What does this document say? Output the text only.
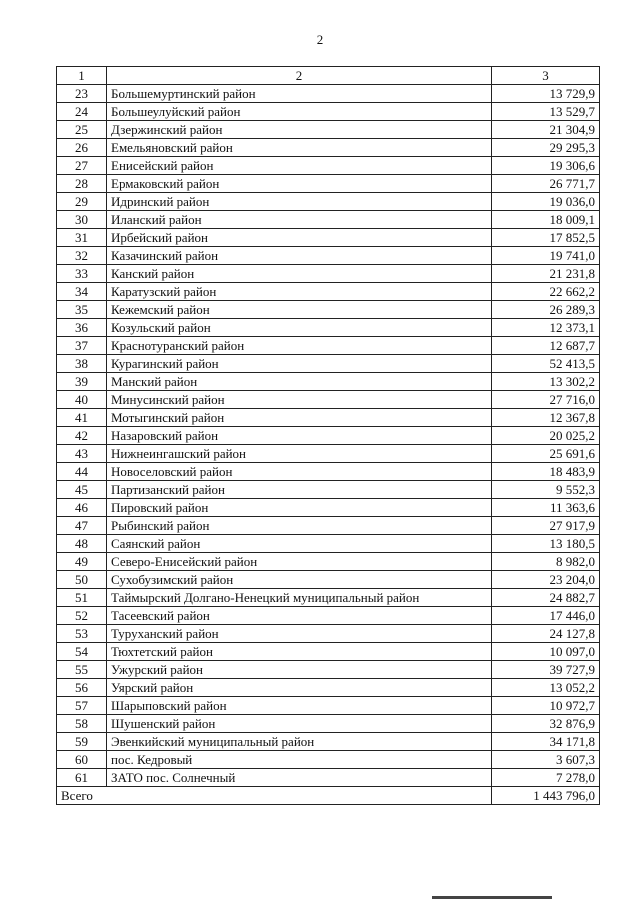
2
1	2	3
23	Большемуртинский район	13 729,9
24	Большеулуйский район	13 529,7
25	Дзержинский район	21 304,9
26	Емельяновский район	29 295,3
27	Енисейский район	19 306,6
28	Ермаковский район	26 771,7
29	Идринский район	19 036,0
30	Иланский район	18 009,1
31	Ирбейский район	17 852,5
32	Казачинский район	19 741,0
33	Канский район	21 231,8
34	Каратузский район	22 662,2
35	Кежемский район	26 289,3
36	Козульский район	12 373,1
37	Краснотуранский район	12 687,7
38	Курагинский район	52 413,5
39	Манский район	13 302,2
40	Минусинский район	27 716,0
41	Мотыгинский район	12 367,8
42	Назаровский район	20 025,2
43	Нижнеингашский район	25 691,6
44	Новоселовский район	18 483,9
45	Партизанский район	9 552,3
46	Пировский район	11 363,6
47	Рыбинский район	27 917,9
48	Саянский район	13 180,5
49	Северо-Енисейский район	8 982,0
50	Сухобузимский район	23 204,0
51	Таймырский Долгано-Ненецкий муниципальный район	24 882,7
52	Тасеевский район	17 446,0
53	Туруханский район	24 127,8
54	Тюхтетский район	10 097,0
55	Ужурский район	39 727,9
56	Уярский район	13 052,2
57	Шарыповский район	10 972,7
58	Шушенский район	32 876,9
59	Эвенкийский муниципальный район	34 171,8
60	пос. Кедровый	3 607,3
61	ЗАТО пос. Солнечный	7 278,0
Всего		1 443 796,0
